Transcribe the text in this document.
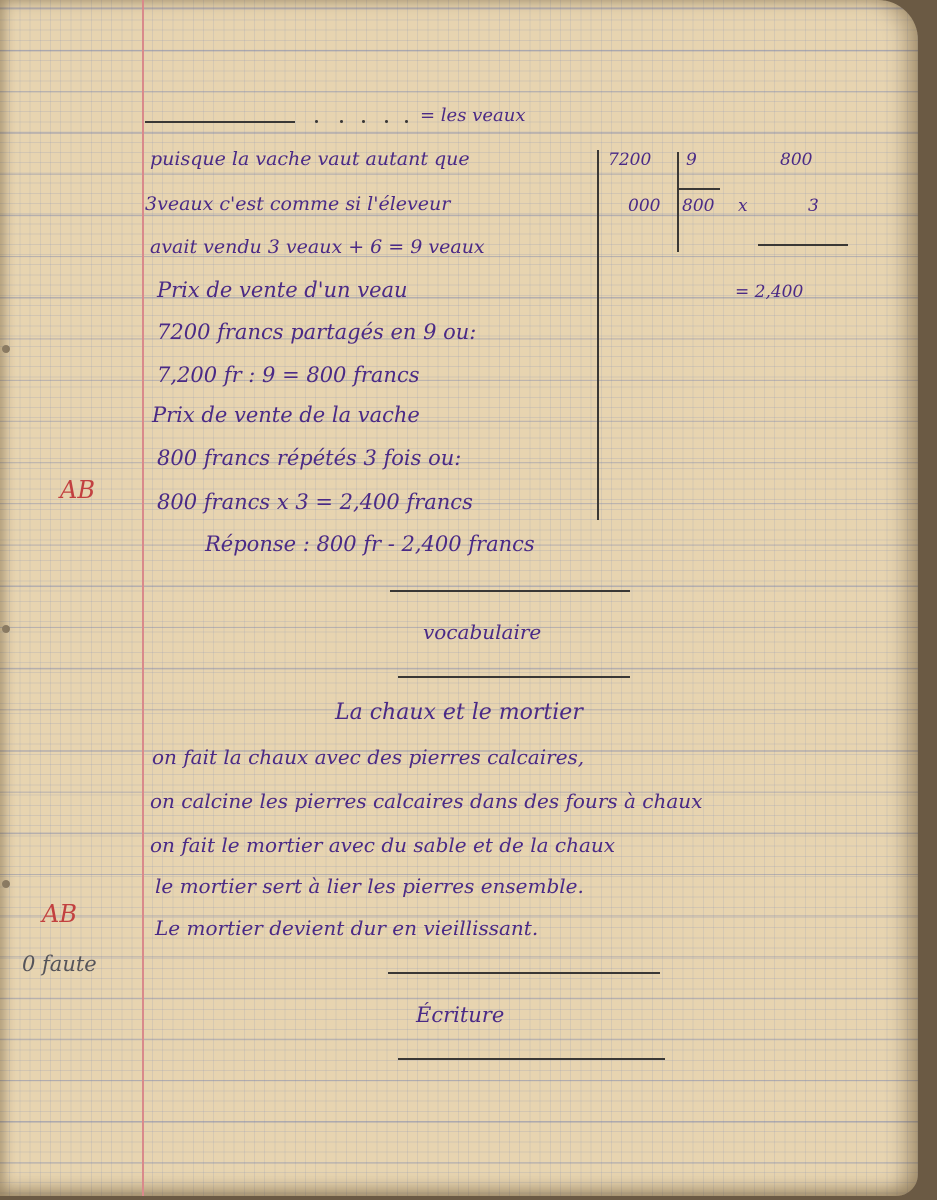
= les veaux
puisque la vache vaut autant que
3veaux c'est comme si l'éleveur
avait vendu 3 veaux + 6 = 9 veaux
Prix de vente d'un veau
7200 francs partagés en 9 ou:
7,200 fr : 9 = 800 francs
Prix de vente de la vache
800 francs répétés 3 fois ou:
800 francs x 3 = 2,400 francs
Réponse : 800 fr - 2,400 francs
7200 9
000 800
800
x	3
= 2,400
AB
vocabulaire
La chaux et le mortier
on fait la chaux avec des pierres calcaires,
on calcine les pierres calcaires dans des fours à chaux
on fait le mortier avec du sable et de la chaux
le mortier sert à lier les pierres ensemble.
Le mortier devient dur en vieillissant.
AB
0 faute
Écriture
